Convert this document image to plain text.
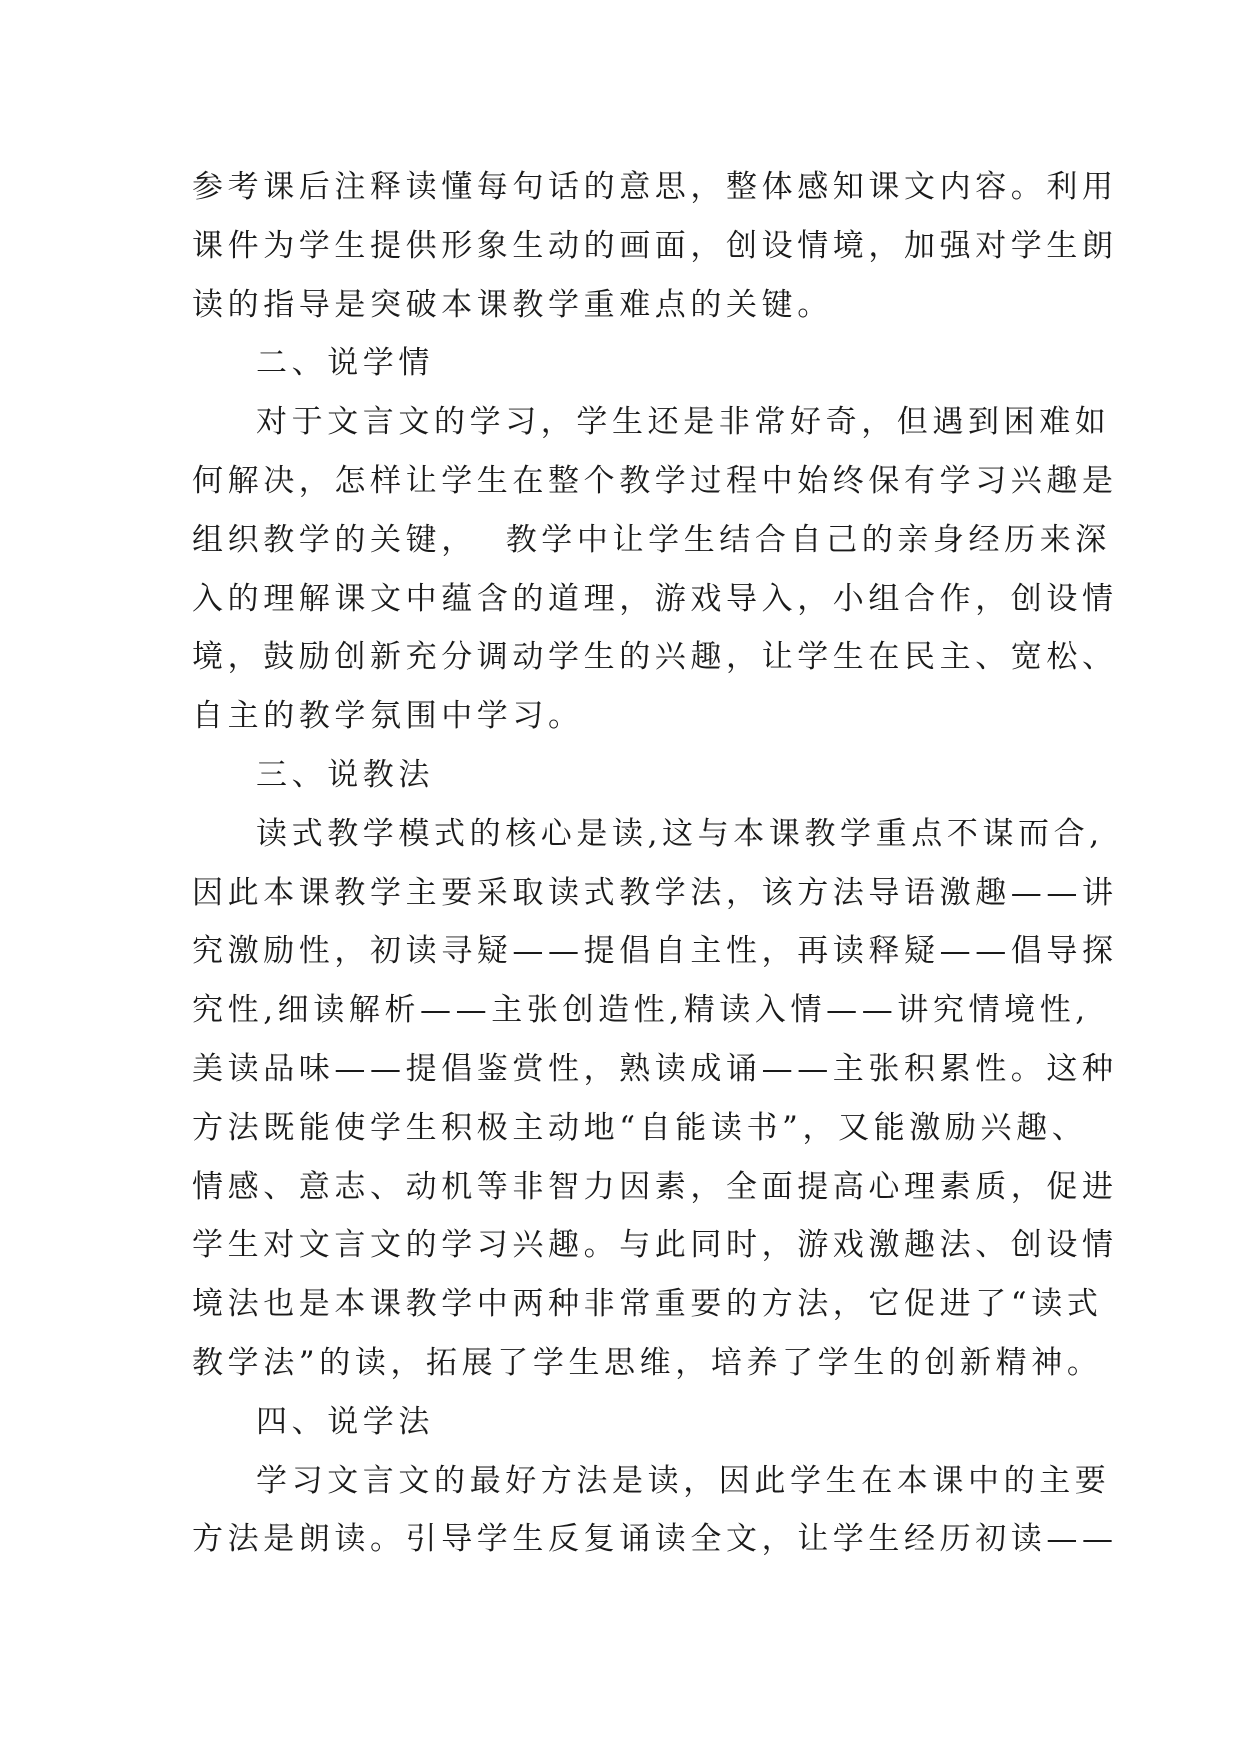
参考课后注释读懂每句话的意思，整体感知课文内容。利用
课件为学生提供形象生动的画面，创设情境，加强对学生朗
读的指导是突破本课教学重难点的关键。
二、说学情
对于文言文的学习，学生还是非常好奇，但遇到困难如
何解决，怎样让学生在整个教学过程中始终保有学习兴趣是
组织教学的关键，  教学中让学生结合自己的亲身经历来深
入的理解课文中蕴含的道理，游戏导入，小组合作，创设情
境，鼓励创新充分调动学生的兴趣，让学生在民主、宽松、
自主的教学氛围中学习。
三、说教法
读式教学模式的核心是读,这与本课教学重点不谋而合,
因此本课教学主要采取读式教学法，该方法导语激趣——讲
究激励性，初读寻疑——提倡自主性，再读释疑——倡导探
究性,细读解析——主张创造性,精读入情——讲究情境性,
美读品味——提倡鉴赏性，熟读成诵——主张积累性。这种
方法既能使学生积极主动地“自能读书”，又能激励兴趣、
情感、意志、动机等非智力因素，全面提高心理素质，促进
学生对文言文的学习兴趣。与此同时，游戏激趣法、创设情
境法也是本课教学中两种非常重要的方法，它促进了“读式
教学法”的读，拓展了学生思维，培养了学生的创新精神。
四、说学法
学习文言文的最好方法是读，因此学生在本课中的主要
方法是朗读。引导学生反复诵读全文，让学生经历初读——
